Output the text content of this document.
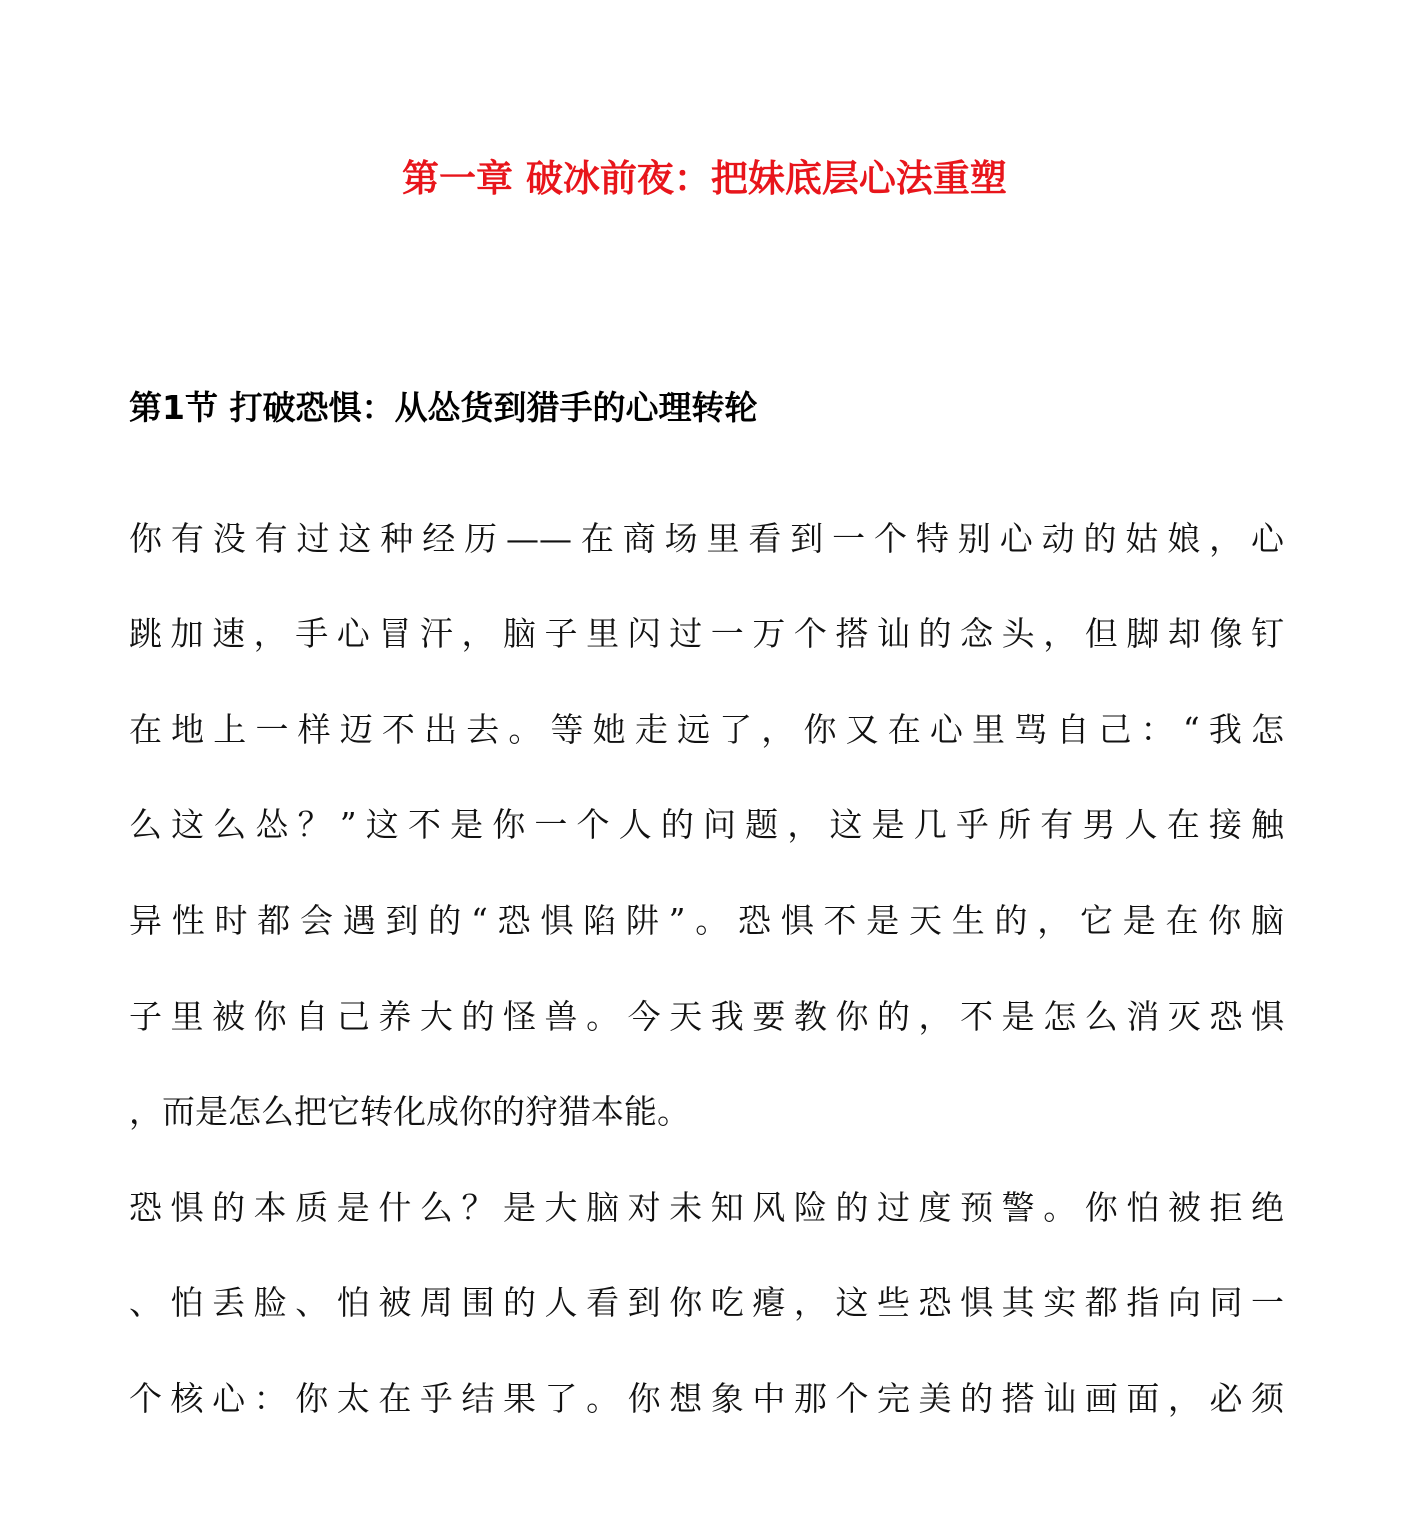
第一章 破冰前夜：把妹底层心法重塑
第1节 打破恐惧：从怂货到猎手的心理转轮

你有没有过这种经历——在商场里看到一个特别心动的姑娘，心

跳加速，手心冒汗，脑子里闪过一万个搭讪的念头，但脚却像钉

在地上一样迈不出去。等她走远了，你又在心里骂自己：“我怎

么这么怂？”这不是你一个人的问题，这是几乎所有男人在接触

异性时都会遇到的“恐惧陷阱”。恐惧不是天生的，它是在你脑

子里被你自己养大的怪兽。今天我要教你的，不是怎么消灭恐惧

，而是怎么把它转化成你的狩猎本能。

恐惧的本质是什么？是大脑对未知风险的过度预警。你怕被拒绝

、怕丢脸、怕被周围的人看到你吃瘪，这些恐惧其实都指向同一

个核心：你太在乎结果了。你想象中那个完美的搭讪画面，必须
